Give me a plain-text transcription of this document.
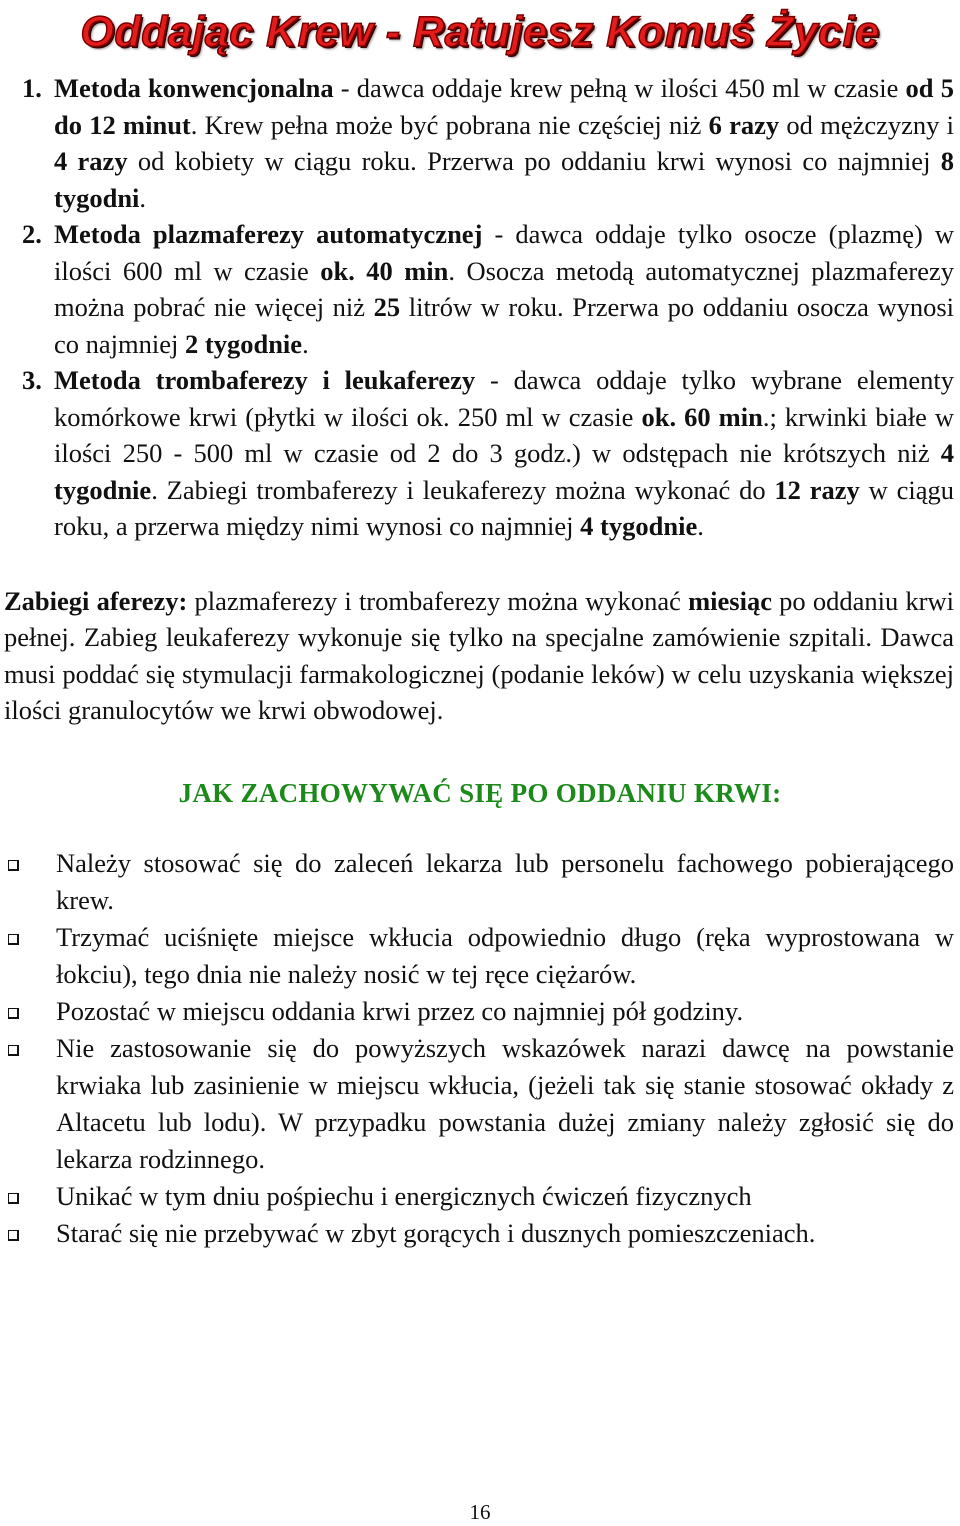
Oddając Krew - Ratujesz Komuś Życie
1. Metoda konwencjonalna - dawca oddaje krew pełną w ilości 450 ml w czasie od 5 do 12 minut. Krew pełna może być pobrana nie częściej niż 6 razy od mężczyzny i 4 razy od kobiety w ciągu roku. Przerwa po oddaniu krwi wynosi co najmniej 8 tygodni.
2. Metoda plazmaferezy automatycznej - dawca oddaje tylko osocze (plazmę) w ilości 600 ml w czasie ok. 40 min. Osocza metodą automatycznej plazmaferezy można pobrać nie więcej niż 25 litrów w roku. Przerwa po oddaniu osocza wynosi co najmniej 2 tygodnie.
3. Metoda trombaferezy i leukaferezy - dawca oddaje tylko wybrane elementy komórkowe krwi (płytki w ilości ok. 250 ml w czasie ok. 60 min.; krwinki białe w ilości 250 - 500 ml w czasie od 2 do 3 godz.) w odstępach nie krótszych niż 4 tygodnie. Zabiegi trombaferezy i leukaferezy można wykonać do 12 razy w ciągu roku, a przerwa między nimi wynosi co najmniej 4 tygodnie.
Zabiegi aferezy: plazmaferezy i trombaferezy można wykonać miesiąc po oddaniu krwi pełnej. Zabieg leukaferezy wykonuje się tylko na specjalne zamówienie szpitali. Dawca musi poddać się stymulacji farmakologicznej (podanie leków) w celu uzyskania większej ilości granulocytów we krwi obwodowej.
JAK ZACHOWYWAĆ SIĘ PO ODDANIU KRWI:
Należy stosować się do zaleceń lekarza lub personelu fachowego pobierającego krew.
Trzymać uciśnięte miejsce wkłucia odpowiednio długo (ręka wyprostowana w łokciu), tego dnia nie należy nosić w tej ręce ciężarów.
Pozostać w miejscu oddania krwi przez co najmniej pół godziny.
Nie zastosowanie się do powyższych wskazówek narazi dawcę na powstanie krwiaka lub zasinienie w miejscu wkłucia, (jeżeli tak się stanie stosować okłady z Altacetu lub lodu). W przypadku powstania dużej zmiany należy zgłosić się do lekarza rodzinnego.
Unikać w tym dniu pośpiechu i energicznych ćwiczeń fizycznych
Starać się nie przebywać w zbyt gorących i dusznych pomieszczeniach.
16
